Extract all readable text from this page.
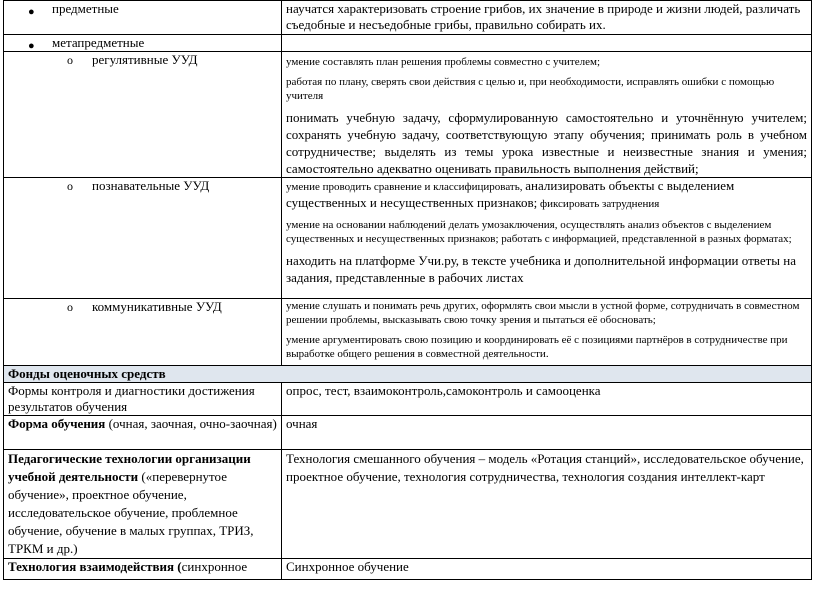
● предметные	научатся характеризовать строение грибов, их значение в природе и жизни людей, различать съедобные и несъедобные грибы, правильно собирать их.

● метапредметные	

o регулятивные УУД	умение составлять план решения проблемы совместно с учителем;
работая по плану, сверять свои действия с целью и, при необходимости, исправлять ошибки с помощью учителя
понимать учебную задачу, сформулированную самостоятельно и уточнённую учителем; сохранять учебную задачу, соответствующую этапу обучения; принимать роль в учебном сотрудничестве; выделять из темы урока известные и неизвестные знания и умения; самостоятельно адекватно оценивать правильность выполнения действий;

o познавательные УУД	умение проводить сравнение и классифицировать, анализировать объекты с выделением существенных и несущественных признаков; фиксировать затруднения
умение на основании наблюдений делать умозаключения, осуществлять анализ объектов с выделением существенных и несущественных признаков; работать с информацией, представленной в разных форматах;
находить на платформе Учи.ру, в тексте учебника и дополнительной информации ответы на задания, представленные в рабочих листах

o коммуникативные УУД	умение слушать и понимать речь других, оформлять свои мысли в устной форме, сотрудничать в совместном решении проблемы, высказывать свою точку зрения и пытаться её обосновать;
умение аргументировать свою позицию и координировать её с позициями партнёров в сотрудничестве при выработке общего решения в совместной деятельности.

Фонды оценочных средств	
Формы контроля и диагностики достижения результатов обучения	опрос, тест, взаимоконтроль,самоконтроль и самооценка
Форма обучения (очная, заочная, очно-заочная)	очная
Педагогические технологии организации учебной деятельности («перевернутое обучение», проектное обучение, исследовательское обучение, проблемное обучение, обучение в малых группах, ТРИЗ, ТРКМ и др.)	Технология смешанного обучения – модель «Ротация станций», исследовательское обучение, проектное обучение, технология сотрудничества, технология создания интеллект-карт
Технология взаимодействия (синхронное	Синхронное обучение
